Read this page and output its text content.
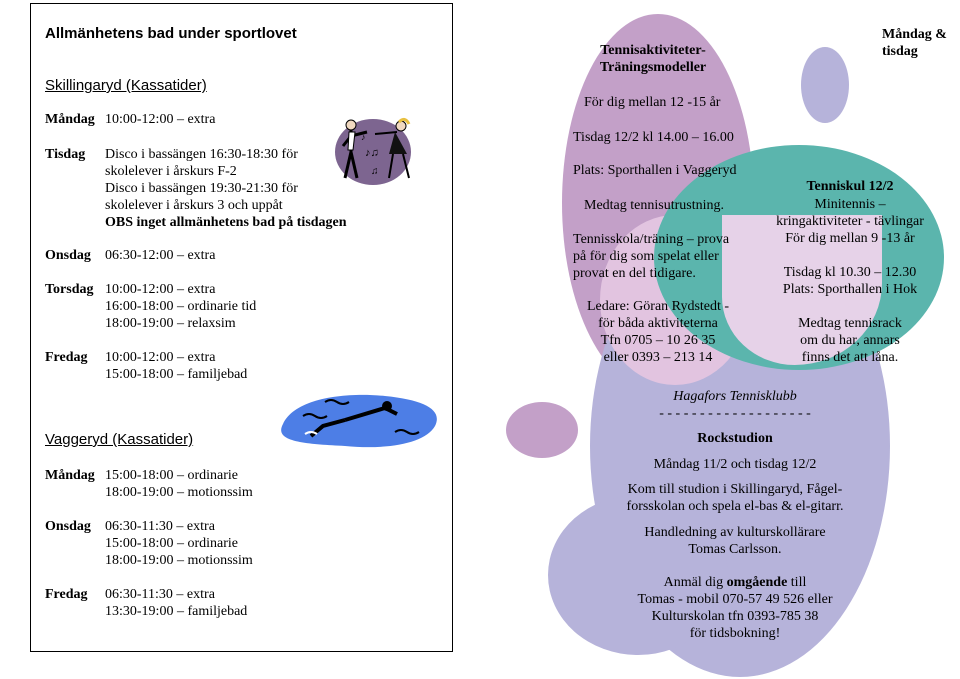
Allmänhetens bad under sportlovet
Skillingaryd (Kassatider)
Måndag 10:00-12:00 – extra
Tisdag	Disco i bassängen 16:30-18:30 för
skolelever i årskurs F-2
Disco i bassängen 19:30-21:30 för
skolelever i årskurs 3 och uppåt
OBS inget allmänhetens bad på tisdagen
Onsdag	06:30-12:00 – extra
Torsdag 10:00-12:00 – extra
16:00-18:00 – ordinarie tid
18:00-19:00 – relaxsim
Fredag	10:00-12:00 – extra
15:00-18:00 – familjebad
Vaggeryd (Kassatider)
Måndag 15:00-18:00 – ordinarie
18:00-19:00 – motionssim
Onsdag	06:30-11:30 – extra
15:00-18:00 – ordinarie
18:00-19:00 – motionssim
Fredag	06:30-11:30 – extra
13:30-19:00 – familjebad
♪♫
♫
♪
Tennisaktiviteter-
Träningsmodeller
För dig mellan 12 -15 år
Tisdag 12/2 kl 14.00 – 16.00
Plats: Sporthallen i Vaggeryd
Medtag tennisutrustning.
Tennisskola/träning – prova
på för dig som spelat eller
provat en del tidigare.
Ledare: Göran Rydstedt -
för båda aktiviteterna
Tfn 0705 – 10 26 35
eller 0393 – 213 14
Måndag &
tisdag
Tenniskul 12/2
Minitennis –
kringaktiviteter - tävlingar
För dig mellan 9 -13 år
Tisdag kl 10.30 – 12.30
Plats: Sporthallen i Hok
Medtag tennisrack
om du har, annars
finns det att låna.
Hagafors Tennisklubb
- - - - - - - - - - - - - - - - - - -
Rockstudion
Måndag 11/2 och tisdag 12/2
Kom till studion i Skillingaryd, Fågel-
forsskolan och spela el-bas & el-gitarr.
Handledning av kulturskollärare
Tomas Carlsson.
Anmäl dig omgående till
Tomas - mobil 070-57 49 526 eller
Kulturskolan tfn 0393-785 38
för tidsbokning!
